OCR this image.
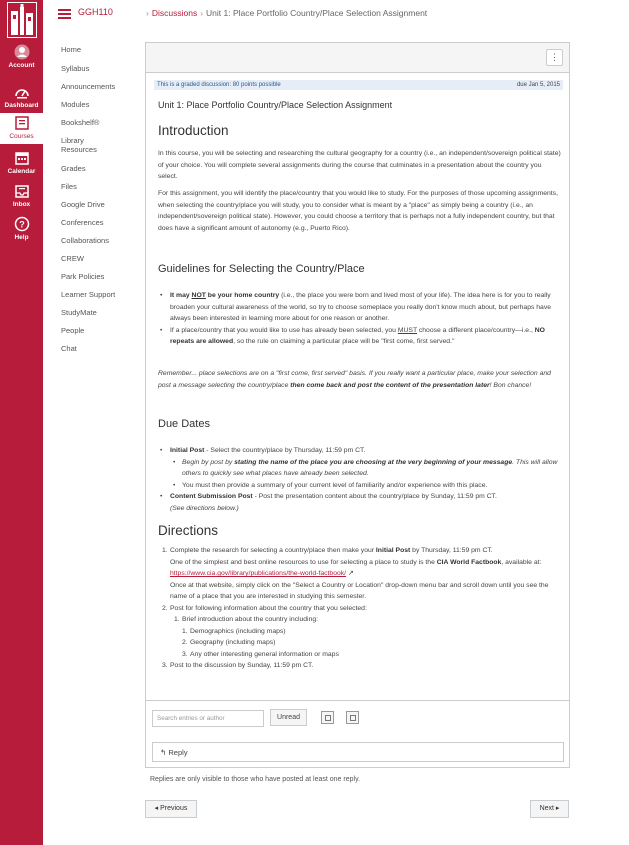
Account
Dashboard
Courses
Calendar
Inbox
?
Help
GGH110	› Discussions › Unit 1: Place Portfolio Country/Place Selection Assignment
Home
Syllabus
Announcements
Modules
Bookshelf®
Library
Resources
Grades
Files
Google Drive
Conferences
Collaborations
CREW
Park Policies
Learner Support
StudyMate
People
Chat
⋮
This is a graded discussion: 80 points possible	due Jan 5, 2015
Unit 1: Place Portfolio Country/Place Selection Assignment
Introduction
In this course, you will be selecting and researching the cultural geography for a country (i.e., an independent/sovereign political state) of your choice. You will complete several assignments during the course that culminates in a presentation about the country you select.
For this assignment, you will identify the place/country that you would like to study. For the purposes of those upcoming assignments, when selecting the country/place you will study, you to consider what is meant by a "place" as simply being a country (i.e., an independent/sovereign political state). However, you could choose a territory that is perhaps not a fully independent country, but that does have a significant amount of autonomy (e.g., Puerto Rico).
Guidelines for Selecting the Country/Place
• It may NOT be your home country (i.e., the place you were born and lived most of your life). The idea here is for you to really broaden your cultural awareness of the world, so try to choose someplace you really don't know much about, but perhaps have always been interested in learning more about for one reason or another.
• If a place/country that you would like to use has already been selected, you MUST choose a different place/country—i.e., NO repeats are allowed, so the rule on claiming a particular place will be "first come, first served."
Remember... place selections are on a "first come, first served" basis. If you really want a particular place, make your selection and post a message selecting the country/place then come back and post the content of the presentation later! Bon chance!
Due Dates
• Initial Post - Select the country/place by Thursday, 11:59 pm CT.
• Begin by post by stating the name of the place you are choosing at the very beginning of your message. This will allow others to quickly see what places have already been selected.
• You must then provide a summary of your current level of familiarity and/or experience with this place.
• Content Submission Post - Post the presentation content about the country/place by Sunday, 11:59 pm CT.
(See directions below.)
Directions
1. Complete the research for selecting a country/place then make your Initial Post by Thursday, 11:59 pm CT.
One of the simplest and best online resources to use for selecting a place to study is the CIA World Factbook, available at: https://www.cia.gov/library/publications/the-world-factbook/ ↗
Once at that website, simply click on the "Select a Country or Location" drop-down menu bar and scroll down until you see the name of a place that you are interested in studying this semester.
2. Post for following information about the country that you selected:
1. Brief introduction about the country including:
1. Demographics (including maps)
2. Geography (including maps)
3. Any other interesting general information or maps
3. Post to the discussion by Sunday, 11:59 pm CT.
Search entries or author	Unread
↰ Reply
Replies are only visible to those who have posted at least one reply.
◂ Previous	Next ▸
